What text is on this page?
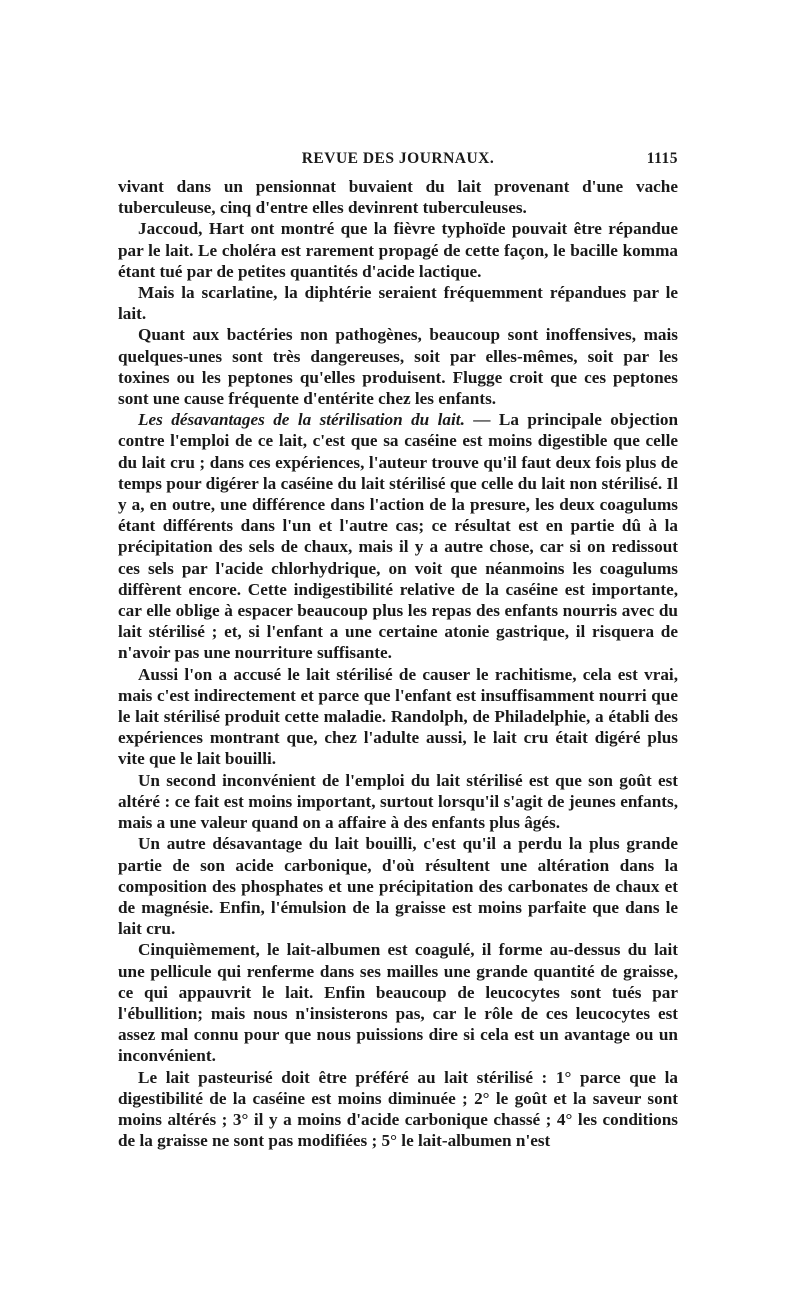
REVUE DES JOURNAUX.	1115

vivant dans un pensionnat buvaient du lait provenant d'une vache tuberculeuse, cinq d'entre elles devinrent tuberculeuses.

Jaccoud, Hart ont montré que la fièvre typhoïde pouvait être répandue par le lait. Le choléra est rarement propagé de cette façon, le bacille komma étant tué par de petites quantités d'acide lactique.

Mais la scarlatine, la diphtérie seraient fréquemment répandues par le lait.

Quant aux bactéries non pathogènes, beaucoup sont inoffensives, mais quelques-unes sont très dangereuses, soit par elles-mêmes, soit par les toxines ou les peptones qu'elles produisent. Flugge croit que ces peptones sont une cause fréquente d'entérite chez les enfants.

Les désavantages de la stérilisation du lait. — La principale objection contre l'emploi de ce lait, c'est que sa caséine est moins digestible que celle du lait cru ; dans ces expériences, l'auteur trouve qu'il faut deux fois plus de temps pour digérer la caséine du lait stérilisé que celle du lait non stérilisé. Il y a, en outre, une différence dans l'action de la presure, les deux coagulums étant différents dans l'un et l'autre cas; ce résultat est en partie dû à la précipitation des sels de chaux, mais il y a autre chose, car si on redissout ces sels par l'acide chlorhydrique, on voit que néanmoins les coagulums diffèrent encore. Cette indigestibilité relative de la caséine est importante, car elle oblige à espacer beaucoup plus les repas des enfants nourris avec du lait stérilisé ; et, si l'enfant a une certaine atonie gastrique, il risquera de n'avoir pas une nourriture suffisante.

Aussi l'on a accusé le lait stérilisé de causer le rachitisme, cela est vrai, mais c'est indirectement et parce que l'enfant est insuffisamment nourri que le lait stérilisé produit cette maladie. Randolph, de Philadelphie, a établi des expériences montrant que, chez l'adulte aussi, le lait cru était digéré plus vite que le lait bouilli.

Un second inconvénient de l'emploi du lait stérilisé est que son goût est altéré : ce fait est moins important, surtout lorsqu'il s'agit de jeunes enfants, mais a une valeur quand on a affaire à des enfants plus âgés.

Un autre désavantage du lait bouilli, c'est qu'il a perdu la plus grande partie de son acide carbonique, d'où résultent une altération dans la composition des phosphates et une précipitation des carbonates de chaux et de magnésie. Enfin, l'émulsion de la graisse est moins parfaite que dans le lait cru.

Cinquièmement, le lait-albumen est coagulé, il forme au-dessus du lait une pellicule qui renferme dans ses mailles une grande quantité de graisse, ce qui appauvrit le lait. Enfin beaucoup de leucocytes sont tués par l'ébullition; mais nous n'insisterons pas, car le rôle de ces leucocytes est assez mal connu pour que nous puissions dire si cela est un avantage ou un inconvénient.

Le lait pasteurisé doit être préféré au lait stérilisé : 1° parce que la digestibilité de la caséine est moins diminuée ; 2° le goût et la saveur sont moins altérés ; 3° il y a moins d'acide carbonique chassé ; 4° les conditions de la graisse ne sont pas modifiées ; 5° le lait-albumen n'est
